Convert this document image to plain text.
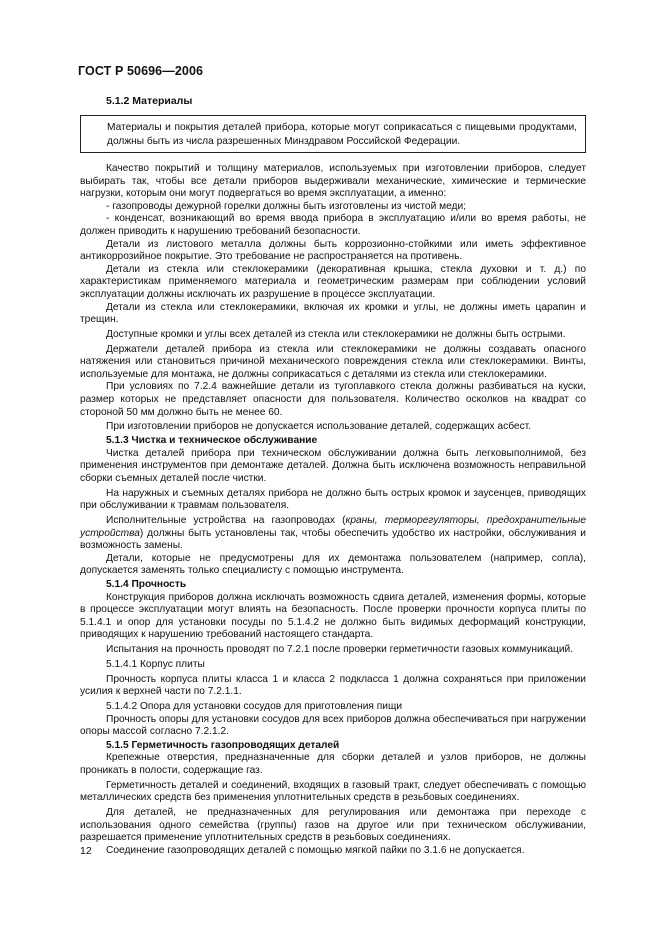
ГОСТ Р 50696—2006
5.1.2 Материалы
Материалы и покрытия деталей прибора, которые могут соприкасаться с пищевыми продуктами, должны быть из числа разрешенных Минздравом Российской Федерации.

Качество покрытий и толщину материалов, используемых при изготовлении приборов, следует выбирать так, чтобы все детали приборов выдерживали механические, химические и термические нагрузки, которым они могут подвергаться во время эксплуатации, а именно:

- газопроводы дежурной горелки должны быть изготовлены из чистой меди;

- конденсат, возникающий во время ввода прибора в эксплуатацию и/или во время работы, не должен приводить к нарушению требований безопасности.

Детали из листового металла должны быть коррозионно-стойкими или иметь эффективное антикоррозийное покрытие. Это требование не распространяется на противень.

Детали из стекла или стеклокерамики (декоративная крышка, стекла духовки и т. д.) по характеристикам применяемого материала и геометрическим размерам при соблюдении условий эксплуатации должны исключать их разрушение в процессе эксплуатации.

Детали из стекла или стеклокерамики, включая их кромки и углы, не должны иметь царапин и трещин.

Доступные кромки и углы всех деталей из стекла или стеклокерамики не должны быть острыми.

Держатели деталей прибора из стекла или стеклокерамики не должны создавать опасного натяжения или становиться причиной механического повреждения стекла или стеклокерамики. Винты, используемые для монтажа, не должны соприкасаться с деталями из стекла или стеклокерамики.

При условиях по 7.2.4 важнейшие детали из тугоплавкого стекла должны разбиваться на куски, размер которых не представляет опасности для пользователя. Количество осколков на квадрат со стороной 50 мм должно быть не менее 60.

При изготовлении приборов не допускается использование деталей, содержащих асбест.

5.1.3 Чистка и техническое обслуживание

Чистка деталей прибора при техническом обслуживании должна быть легковыполнимой, без применения инструментов при демонтаже деталей. Должна быть исключена возможность неправильной сборки съемных деталей после чистки.

На наружных и съемных деталях прибора не должно быть острых кромок и заусенцев, приводящих при обслуживании к травмам пользователя.

Исполнительные устройства на газопроводах (краны, терморегуляторы, предохранительные устройства) должны быть установлены так, чтобы обеспечить удобство их настройки, обслуживания и возможность замены.

Детали, которые не предусмотрены для их демонтажа пользователем (например, сопла), допускается заменять только специалисту с помощью инструмента.

5.1.4 Прочность

Конструкция приборов должна исключать возможность сдвига деталей, изменения формы, которые в процессе эксплуатации могут влиять на безопасность. После проверки прочности корпуса плиты по 5.1.4.1 и опор для установки посуды по 5.1.4.2 не должно быть видимых деформаций конструкции, приводящих к нарушению требований настоящего стандарта.

Испытания на прочность проводят по 7.2.1 после проверки герметичности газовых коммуникаций.

5.1.4.1 Корпус плиты

Прочность корпуса плиты класса 1 и класса 2 подкласса 1 должна сохраняться при приложении усилия к верхней части по 7.2.1.1.

5.1.4.2 Опора для установки сосудов для приготовления пищи

Прочность опоры для установки сосудов для всех приборов должна обеспечиваться при нагружении опоры массой согласно 7.2.1.2.

5.1.5 Герметичность газопроводящих деталей

Крепежные отверстия, предназначенные для сборки деталей и узлов приборов, не должны проникать в полости, содержащие газ.

Герметичность деталей и соединений, входящих в газовый тракт, следует обеспечивать с помощью металлических средств без применения уплотнительных средств в резьбовых соединениях.

Для деталей, не предназначенных для регулирования или демонтажа при переходе с использования одного семейства (группы) газов на другое или при техническом обслуживании, разрешается применение уплотнительных средств в резьбовых соединениях.

Соединение газопроводящих деталей с помощью мягкой пайки по 3.1.6 не допускается.

12
